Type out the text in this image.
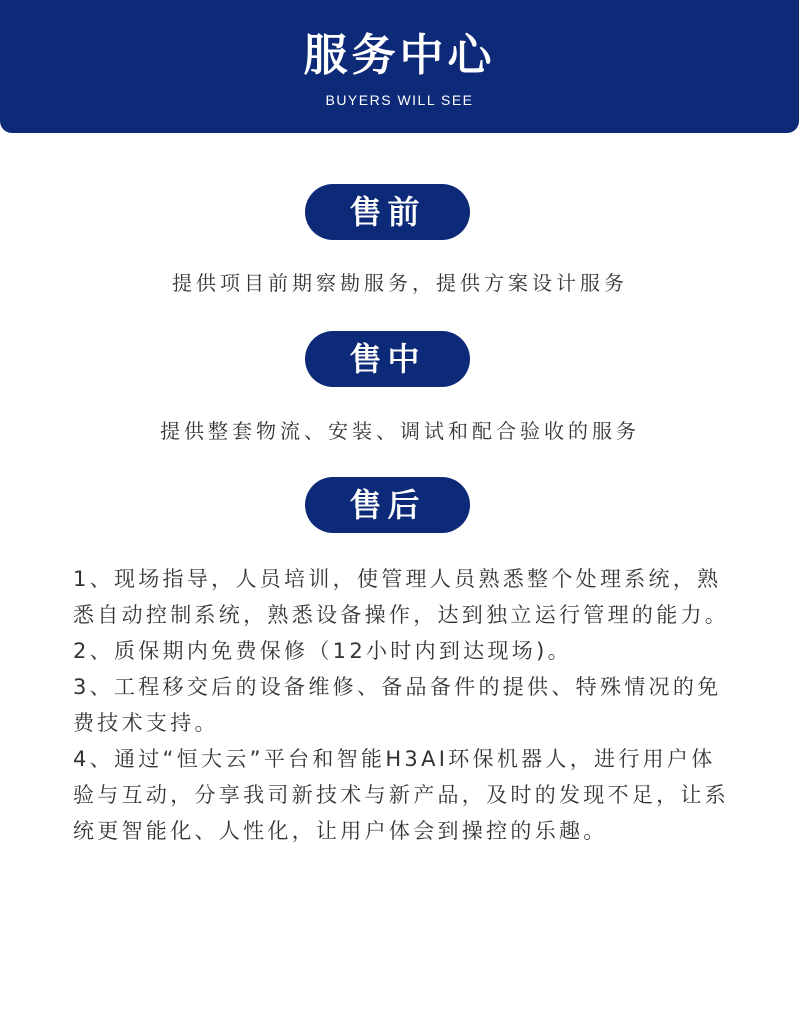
服务中心
BUYERS WILL SEE
售前
提供项目前期察勘服务，提供方案设计服务
售中
提供整套物流、安装、调试和配合验收的服务
售后

1、现场指导，人员培训，使管理人员熟悉整个处理系统，熟悉自动控制系统，熟悉设备操作，达到独立运行管理的能力。

2、质保期内免费保修（12小时内到达现场)。

3、工程移交后的设备维修、备品备件的提供、特殊情况的免费技术支持。

4、通过“恒大云”平台和智能H3AI环保机器人，进行用户体验与互动，分享我司新技术与新产品，及时的发现不足，让系统更智能化、人性化，让用户体会到操控的乐趣。
